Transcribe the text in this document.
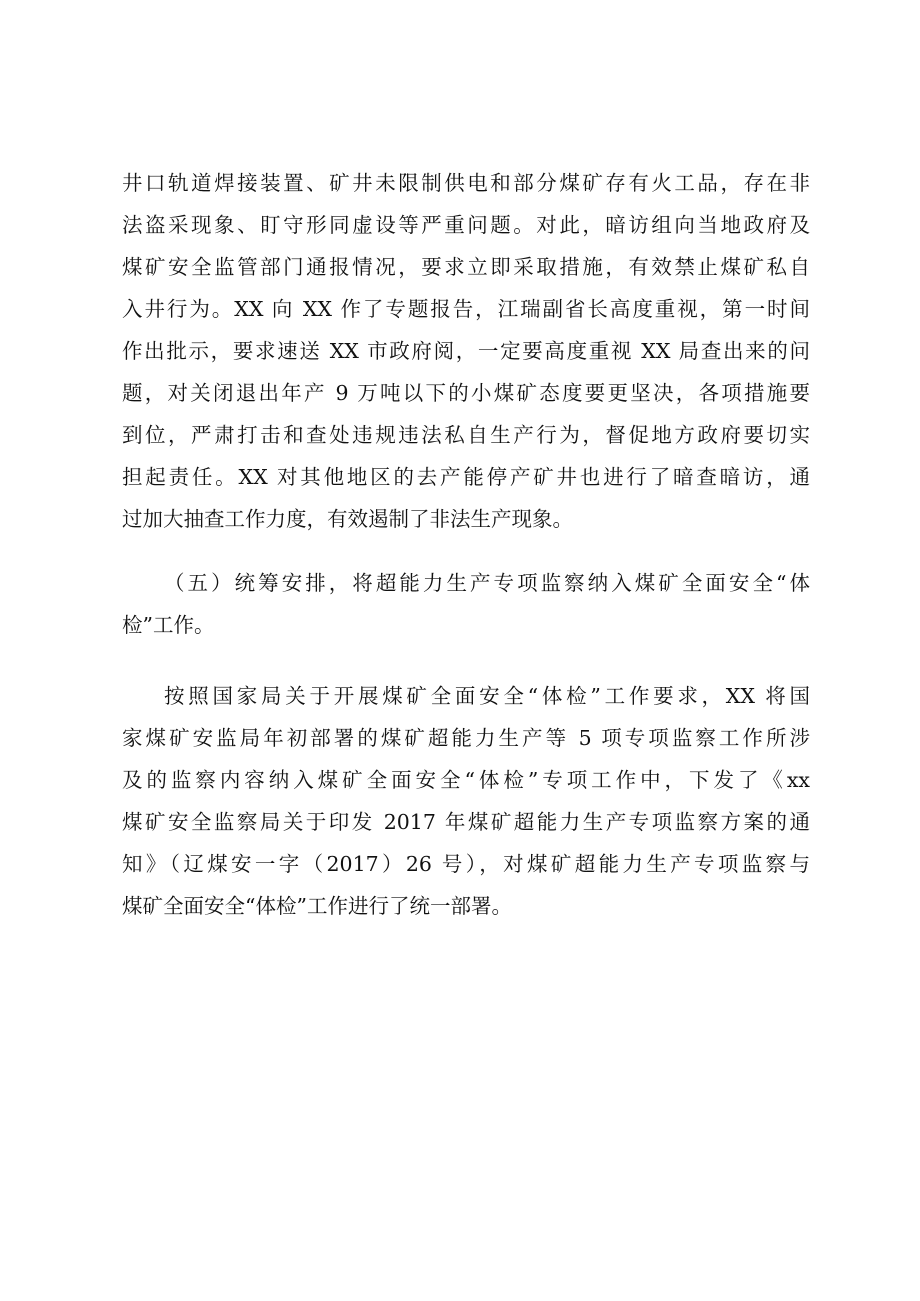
井口轨道焊接装置、矿井未限制供电和部分煤矿存有火工品，存在非
法盗采现象、盯守形同虚设等严重问题。对此，暗访组向当地政府及
煤矿安全监管部门通报情况，要求立即采取措施，有效禁止煤矿私自
入井行为。XX 向 XX 作了专题报告，江瑞副省长高度重视，第一时间
作出批示，要求速送 XX 市政府阅，一定要高度重视 XX 局查出来的问
题，对关闭退出年产 9 万吨以下的小煤矿态度要更坚决，各项措施要
到位，严肃打击和查处违规违法私自生产行为，督促地方政府要切实
担起责任。XX 对其他地区的去产能停产矿井也进行了暗查暗访，通
过加大抽查工作力度，有效遏制了非法生产现象。
（五）统筹安排，将超能力生产专项监察纳入煤矿全面安全“体
检”工作。
按照国家局关于开展煤矿全面安全“体检”工作要求，XX 将国
家煤矿安监局年初部署的煤矿超能力生产等 5 项专项监察工作所涉
及的监察内容纳入煤矿全面安全“体检”专项工作中，下发了《xx
煤矿安全监察局关于印发 2017 年煤矿超能力生产专项监察方案的通
知》（辽煤安一字（2017）26 号），对煤矿超能力生产专项监察与
煤矿全面安全“体检”工作进行了统一部署。
